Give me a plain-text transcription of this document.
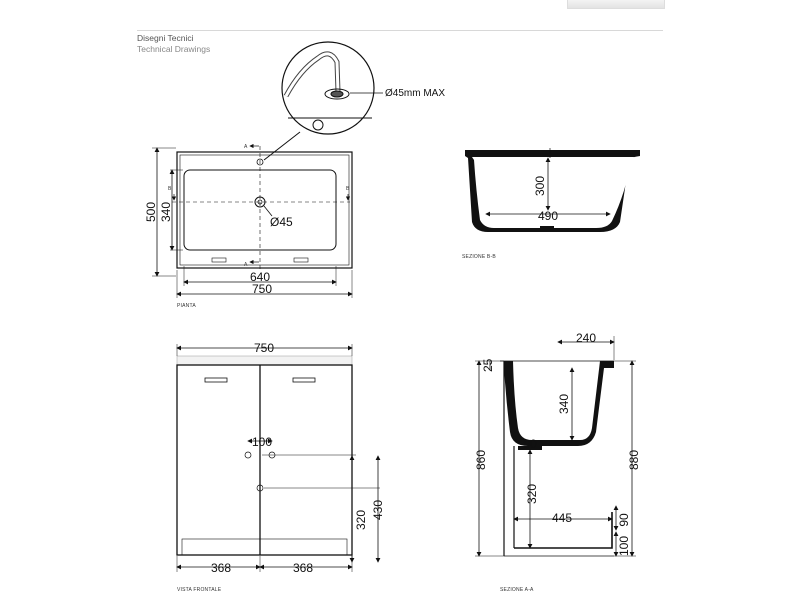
Disegni Tecnici
Technical Drawings
Ø45mm MAX
A
A
B	B
Ø45
500 340
640
750
PIANTA
300
490
SEZIONE B-B
750
100
320 430
368	368
VISTA FRONTALE
240
25
340
90
860	880
320
445	90
100
SEZIONE A-A
